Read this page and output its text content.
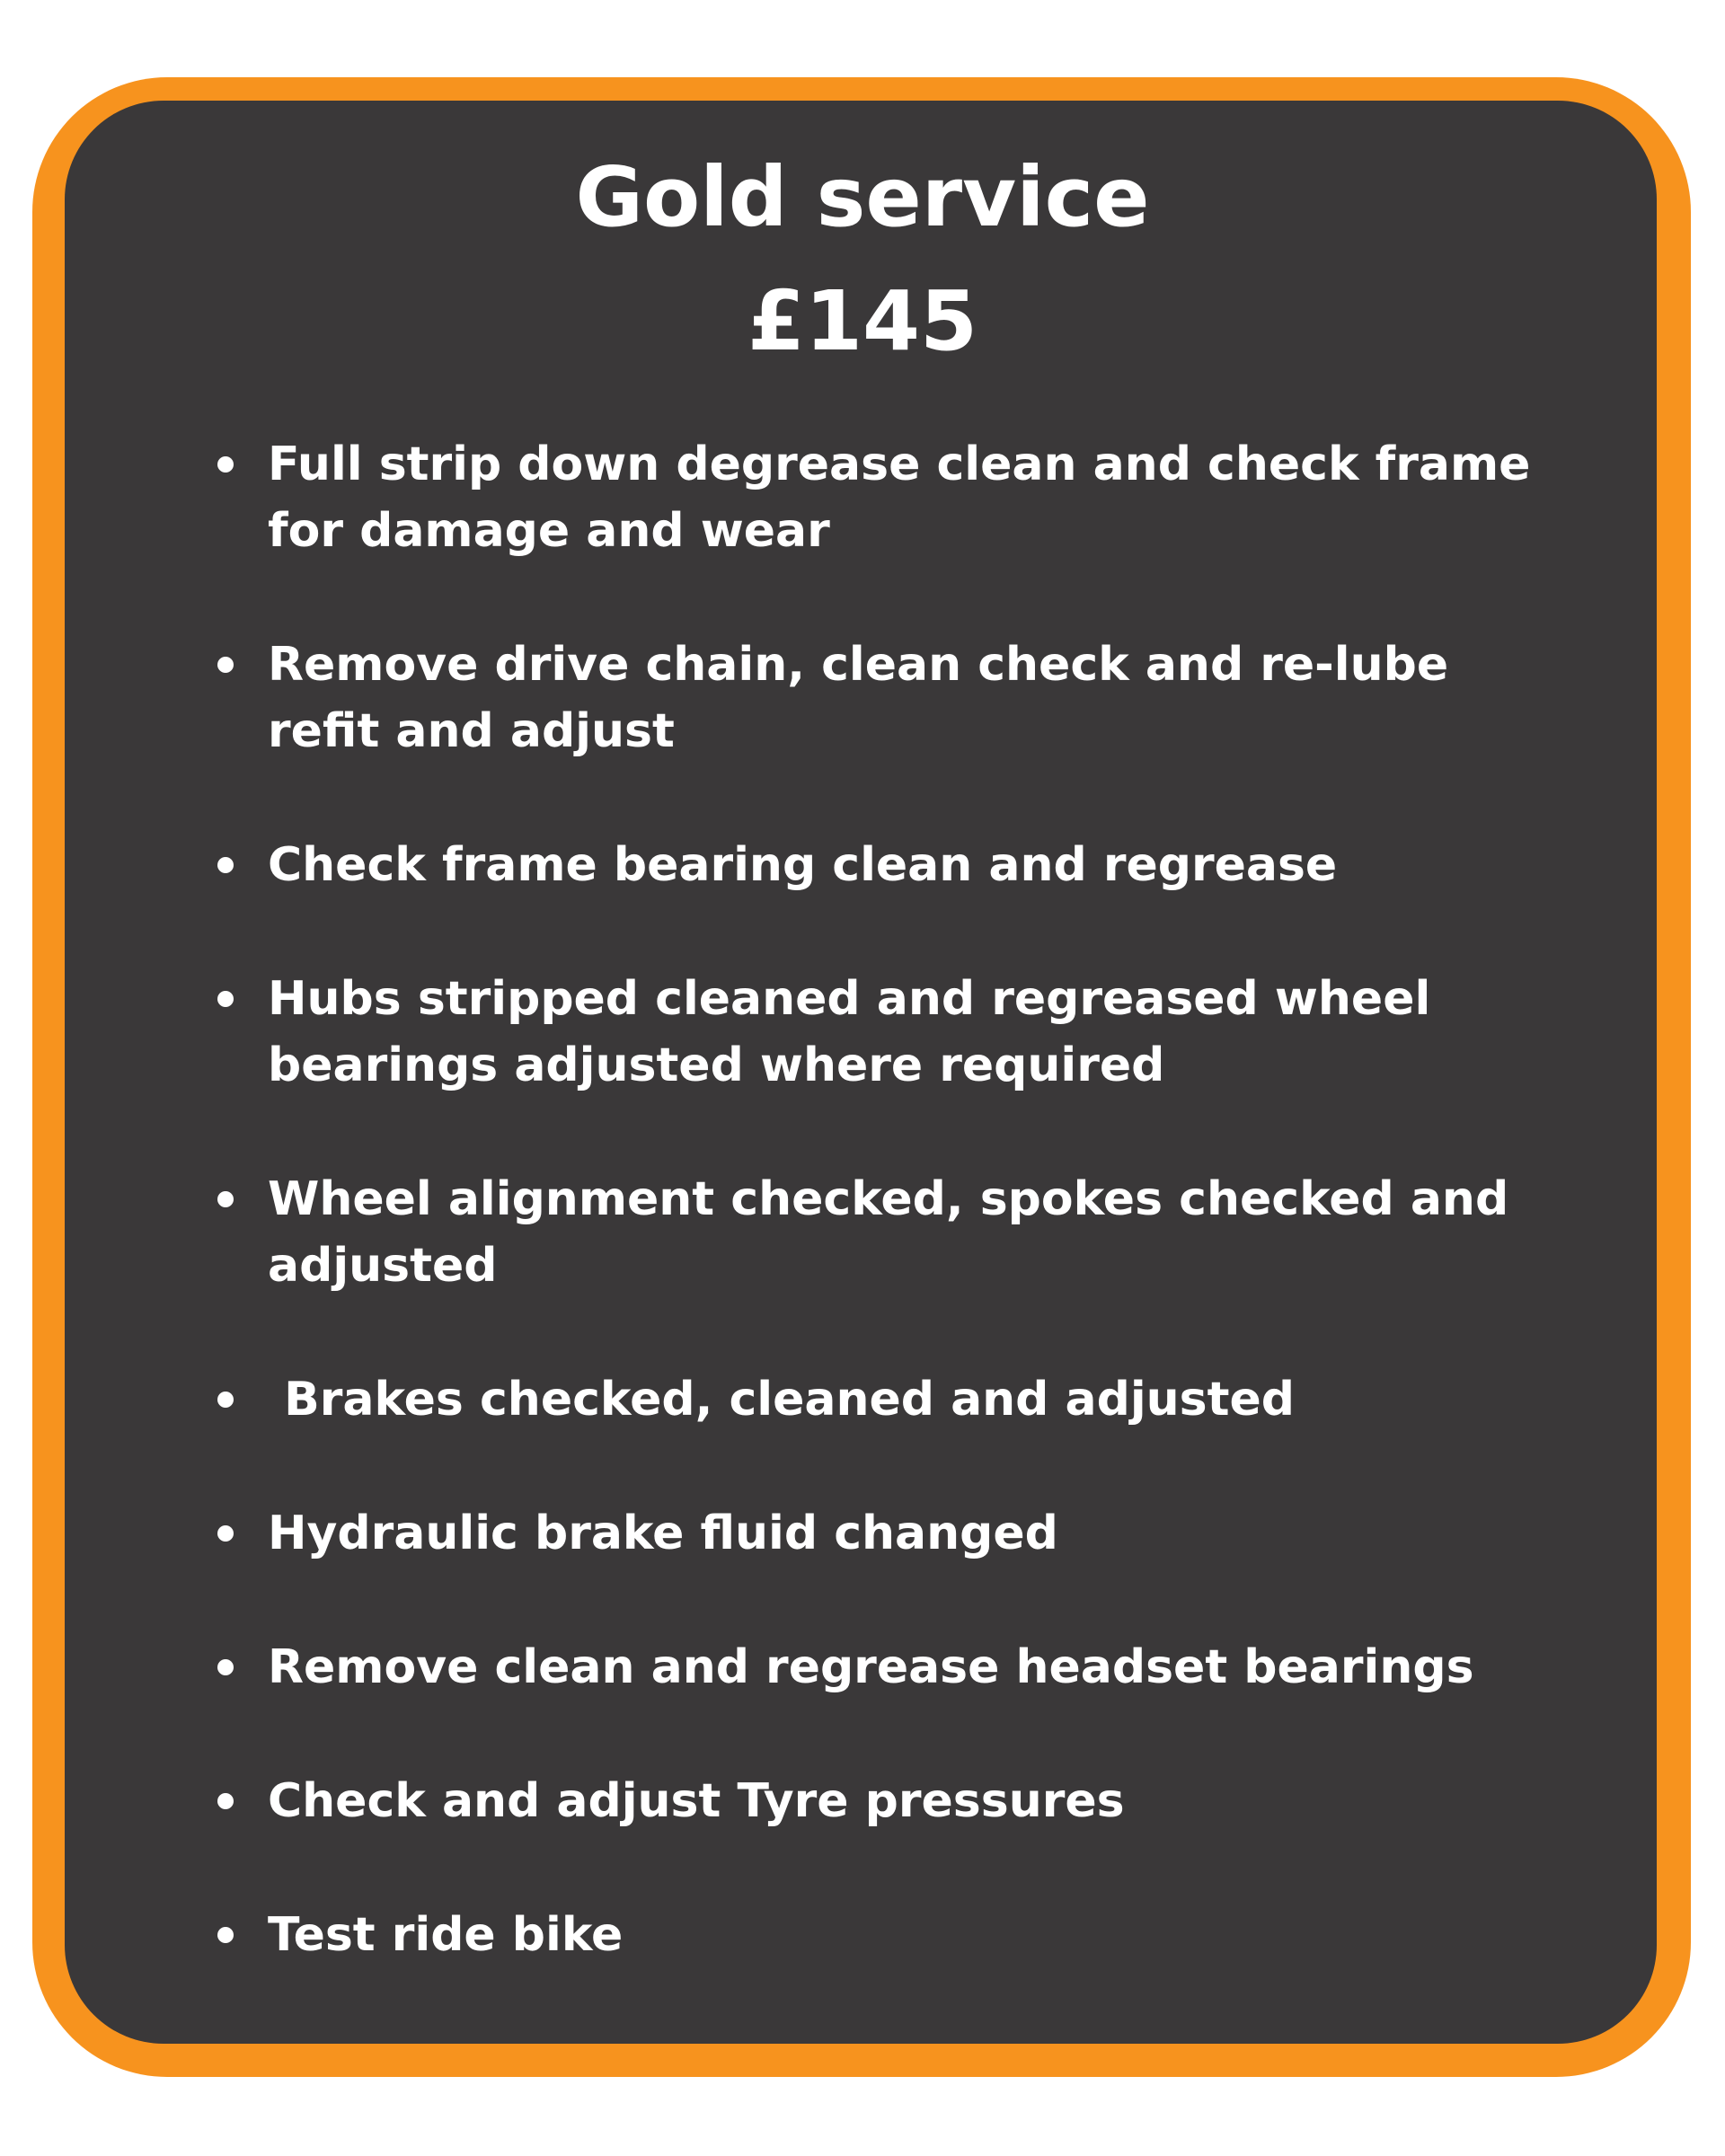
Gold service
£145
Full strip down degrease clean and check frame for damage and wear
Remove drive chain, clean check and re-lube refit and adjust
Check frame bearing clean and regrease
Hubs stripped cleaned and regreased wheel bearings adjusted where required
Wheel alignment checked, spokes checked and adjusted
Brakes checked, cleaned and adjusted
Hydraulic brake fluid changed
Remove clean and regrease headset bearings
Check and adjust Tyre pressures
Test ride bike
